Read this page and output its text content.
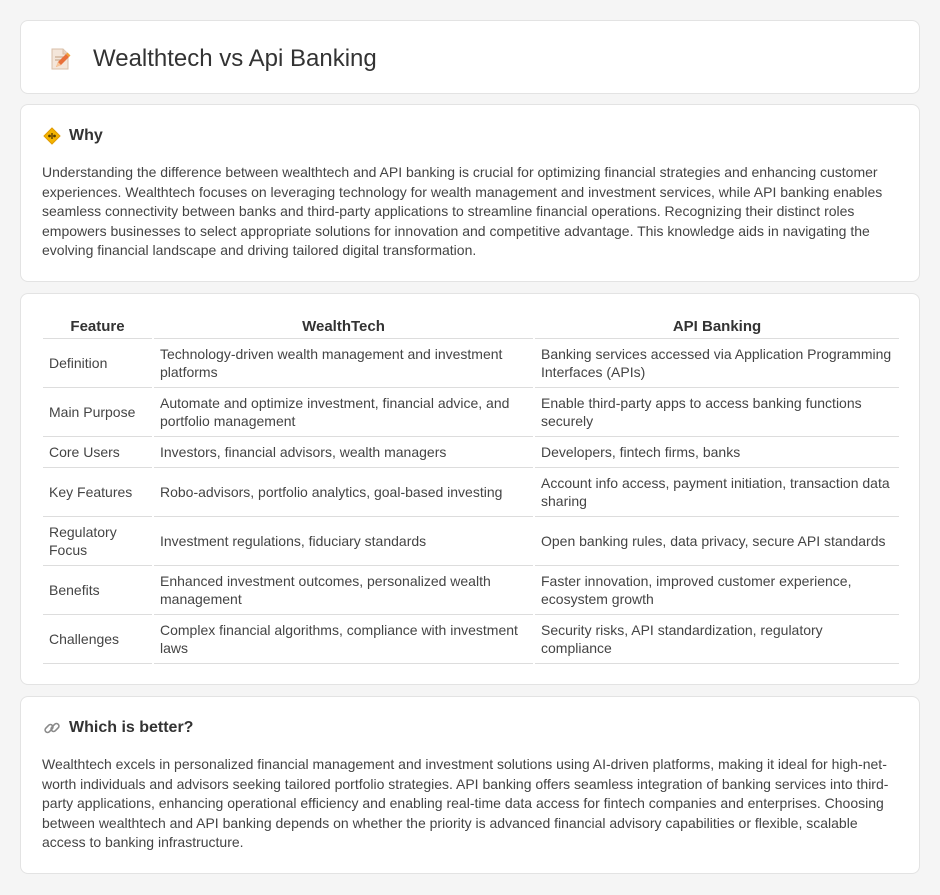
Wealthtech vs Api Banking
Why

Understanding the difference between wealthtech and API banking is crucial for optimizing financial strategies and enhancing customer experiences. Wealthtech focuses on leveraging technology for wealth management and investment services, while API banking enables seamless connectivity between banks and third-party applications to streamline financial operations. Recognizing their distinct roles empowers businesses to select appropriate solutions for innovation and competitive advantage. This knowledge aids in navigating the evolving financial landscape and driving tailored digital transformation.

Feature	WealthTech	API Banking
Definition	Technology-driven wealth management and investment platforms	Banking services accessed via Application Programming Interfaces (APIs)
Main Purpose	Automate and optimize investment, financial advice, and portfolio management	Enable third-party apps to access banking functions securely
Core Users	Investors, financial advisors, wealth managers	Developers, fintech firms, banks
Key Features	Robo-advisors, portfolio analytics, goal-based investing	Account info access, payment initiation, transaction data sharing
Regulatory Focus	Investment regulations, fiduciary standards	Open banking rules, data privacy, secure API standards
Benefits	Enhanced investment outcomes, personalized wealth management	Faster innovation, improved customer experience, ecosystem growth
Challenges	Complex financial algorithms, compliance with investment laws	Security risks, API standardization, regulatory compliance
Which is better?

Wealthtech excels in personalized financial management and investment solutions using AI-driven platforms, making it ideal for high-net-worth individuals and advisors seeking tailored portfolio strategies. API banking offers seamless integration of banking services into third-party applications, enhancing operational efficiency and enabling real-time data access for fintech companies and enterprises. Choosing between wealthtech and API banking depends on whether the priority is advanced financial advisory capabilities or flexible, scalable access to banking infrastructure.
